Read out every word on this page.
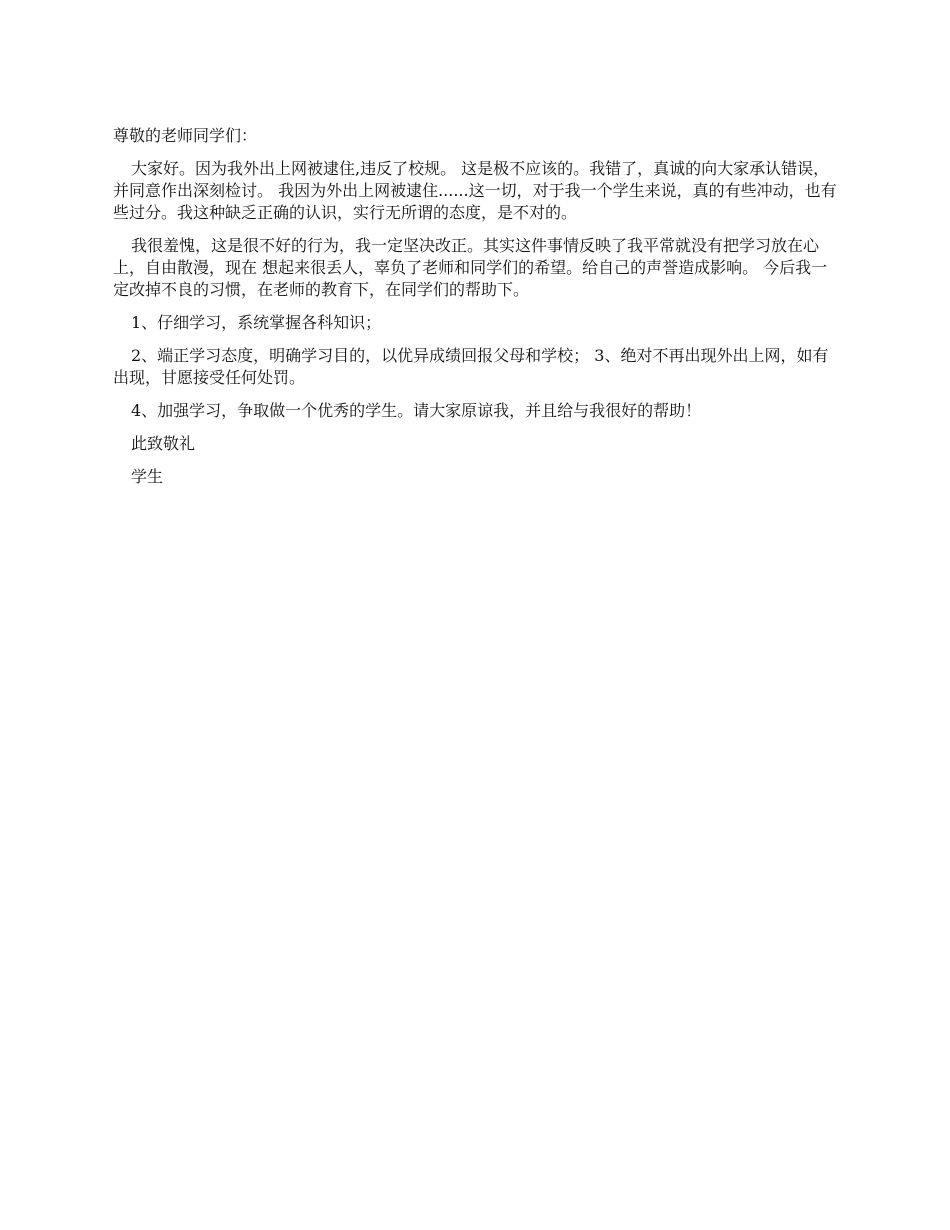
尊敬的老师同学们：

大家好。因为我外出上网被逮住,违反了校规。 这是极不应该的。我错了，真诚的向大家承认错误，并同意作出深刻检讨。 我因为外出上网被逮住......这一切，对于我一个学生来说，真的有些冲动，也有些过分。我这种缺乏正确的认识，实行无所谓的态度，是不对的。

我很羞愧，这是很不好的行为，我一定坚决改正。其实这件事情反映了我平常就没有把学习放在心上，自由散漫，现在 想起来很丢人，辜负了老师和同学们的希望。给自己的声誉造成影响。 今后我一定改掉不良的习惯，在老师的教育下，在同学们的帮助下。

1、仔细学习，系统掌握各科知识；

2、端正学习态度，明确学习目的，以优异成绩回报父母和学校； 3、绝对不再出现外出上网，如有出现，甘愿接受任何处罚。

4、加强学习，争取做一个优秀的学生。请大家原谅我，并且给与我很好的帮助！

此致敬礼

学生
